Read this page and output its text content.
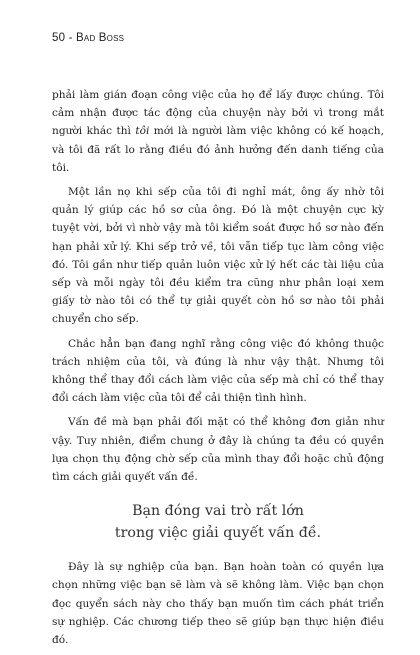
50 - Bad Boss

phải làm gián đoạn công việc của họ để lấy được chúng. Tôi cảm nhận được tác động của chuyện này bởi vì trong mắt người khác thì tôi mới là người làm việc không có kế hoạch, và tôi đã rất lo rằng điều đó ảnh hưởng đến danh tiếng của tôi.

Một lần nọ khi sếp của tôi đi nghỉ mát, ông ấy nhờ tôi quản lý giúp các hồ sơ của ông. Đó là một chuyện cực kỳ tuyệt vời, bởi vì nhờ vậy mà tôi kiểm soát được hồ sơ nào đến hạn phải xử lý. Khi sếp trở về, tôi vẫn tiếp tục làm công việc đó. Tôi gần như tiếp quản luôn việc xử lý hết các tài liệu của sếp và mỗi ngày tôi đều kiểm tra cũng như phân loại xem giấy tờ nào tôi có thể tự giải quyết còn hồ sơ nào tôi phải chuyển cho sếp.

Chắc hẳn bạn đang nghĩ rằng công việc đó không thuộc trách nhiệm của tôi, và đúng là như vậy thật. Nhưng tôi không thể thay đổi cách làm việc của sếp mà chỉ có thể thay đổi cách làm việc của tôi để cải thiện tình hình.

Vấn đề mà bạn phải đối mặt có thể không đơn giản như vậy. Tuy nhiên, điểm chung ở đây là chúng ta đều có quyền lựa chọn thụ động chờ sếp của mình thay đổi hoặc chủ động tìm cách giải quyết vấn đề.

Bạn đóng vai trò rất lớn
trong việc giải quyết vấn đề.

Đây là sự nghiệp của bạn. Bạn hoàn toàn có quyền lựa chọn những việc bạn sẽ làm và sẽ không làm. Việc bạn chọn đọc quyển sách này cho thấy bạn muốn tìm cách phát triển sự nghiệp. Các chương tiếp theo sẽ giúp bạn thực hiện điều đó.
